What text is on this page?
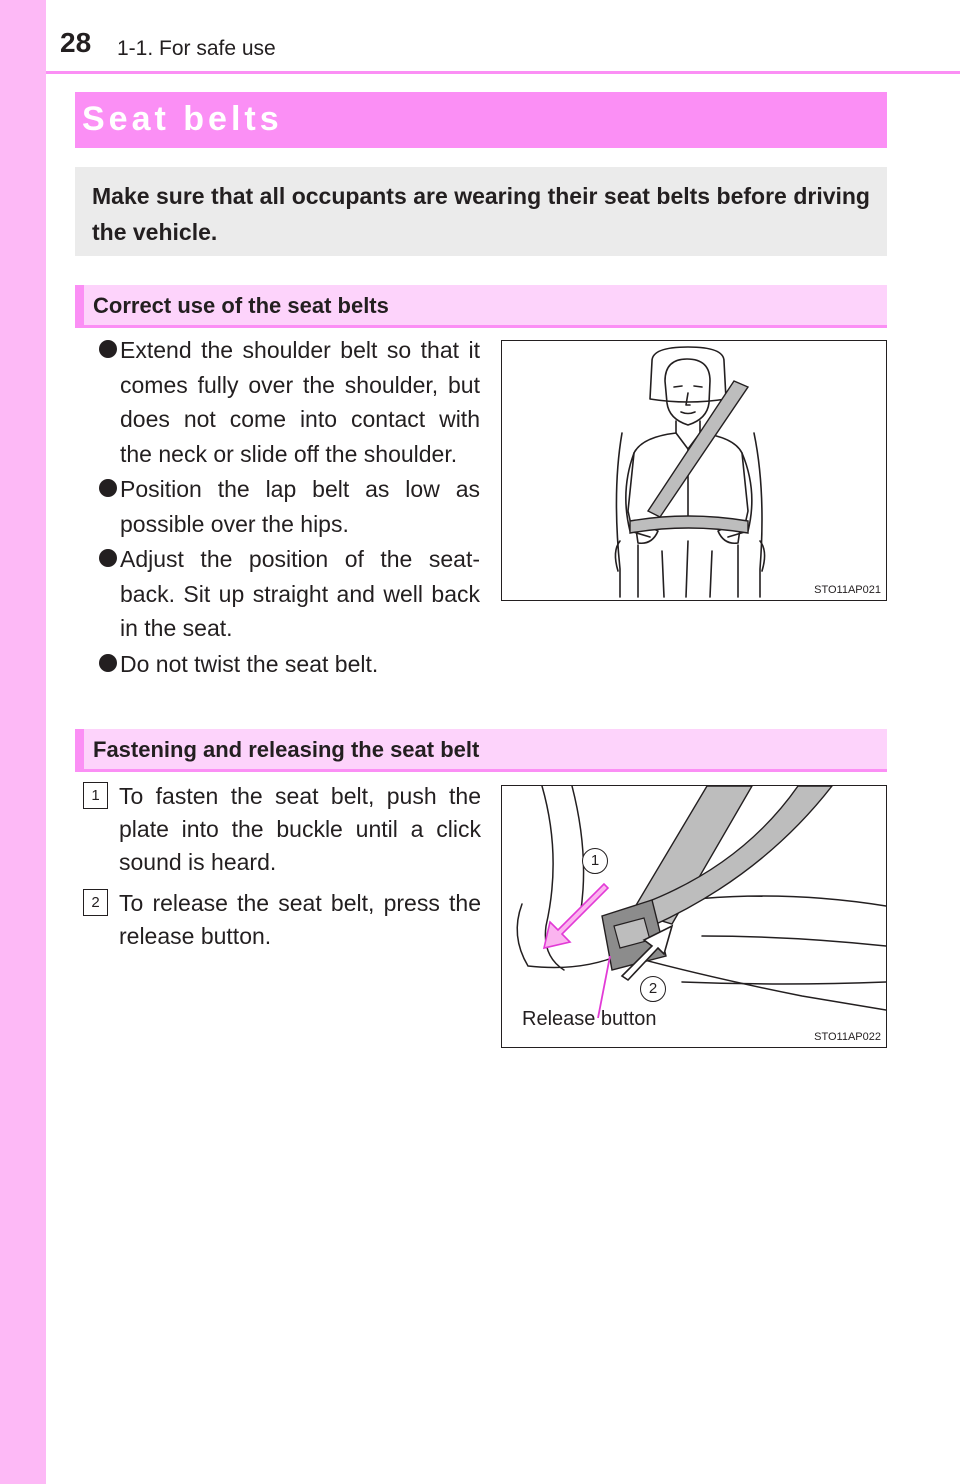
28 1-1. For safe use
Seat belts
Make sure that all occupants are wearing their seat belts before driving the vehicle.
Correct use of the seat belts
Extend the shoulder belt so that it comes fully over the shoulder, but does not come into contact with the neck or slide off the shoulder.
Position the lap belt as low as possible over the hips.
Adjust the position of the seat-back. Sit up straight and well back in the seat.
Do not twist the seat belt.
STO11AP021
Fastening and releasing the seat belt
1 To fasten the seat belt, push the plate into the buckle until a click sound is heard.
2 To release the seat belt, press the release button.
1
2
Release button
STO11AP022
